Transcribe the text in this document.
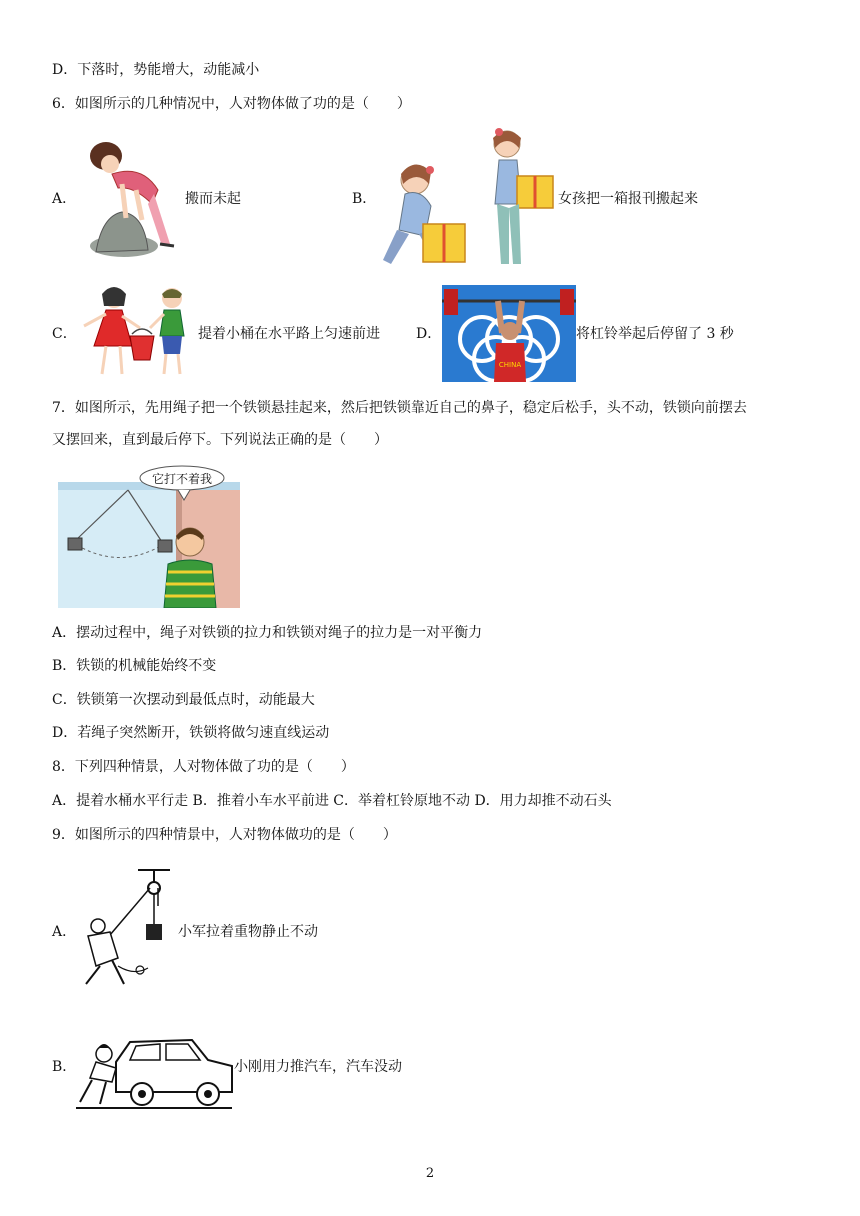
D．下落时，势能增大，动能减小
6．如图所示的几种情况中，人对物体做了功的是（　　）
A．	搬而未起	B．	女孩把一箱报刊搬起来
C．	提着小桶在水平路上匀速前进	D．
CHINA
将杠铃举起后停留了 3 秒
7．如图所示，先用绳子把一个铁锁悬挂起来，然后把铁锁靠近自己的鼻子，稳定后松手，头不动，铁锁向前摆去
又摆回来，直到最后停下。下列说法正确的是（　　）
它打不着我
A．摆动过程中，绳子对铁锁的拉力和铁锁对绳子的拉力是一对平衡力
B．铁锁的机械能始终不变
C．铁锁第一次摆动到最低点时，动能最大
D．若绳子突然断开，铁锁将做匀速直线运动
8．下列四种情景，人对物体做了功的是（　　）
A．提着水桶水平行走 B．推着小车水平前进 C．举着杠铃原地不动 D．用力却推不动石头
9．如图所示的四种情景中，人对物体做功的是（　　）
A．	小军拉着重物静止不动
B．	小刚用力推汽车，汽车没动
2
